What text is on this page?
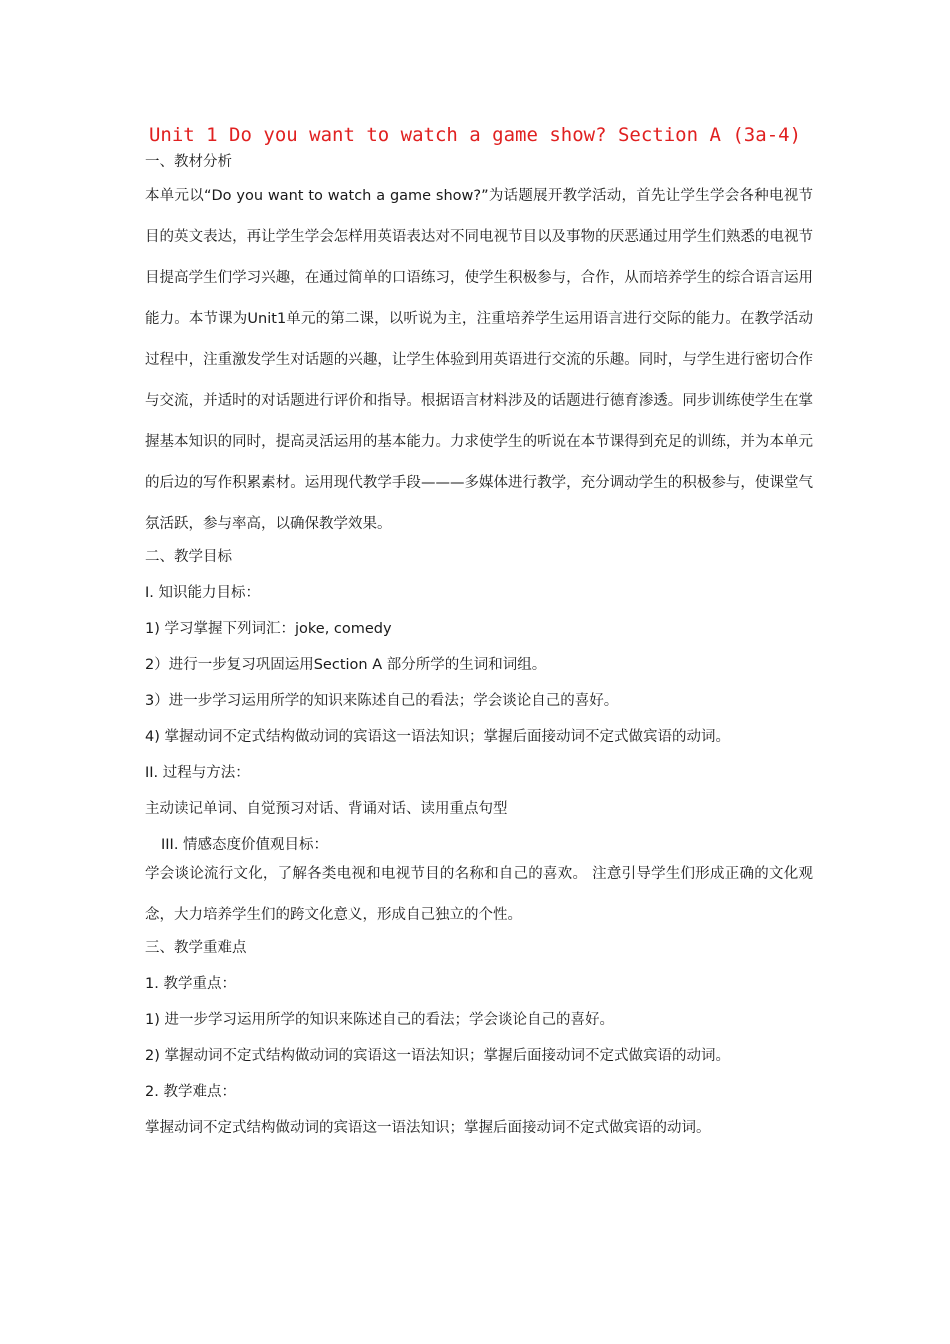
Unit 1 Do you want to watch a game show? Section A (3a-4)
一、教材分析
本单元以“Do you want to watch a game show?”为话题展开教学活动，首先让学生学会各种电视节目的英文表达，再让学生学会怎样用英语表达对不同电视节目以及事物的厌恶通过用学生们熟悉的电视节目提高学生们学习兴趣，在通过简单的口语练习，使学生积极参与，合作，从而培养学生的综合语言运用能力。本节课为Unit1单元的第二课，以听说为主，注重培养学生运用语言进行交际的能力。在教学活动过程中，注重激发学生对话题的兴趣，让学生体验到用英语进行交流的乐趣。同时，与学生进行密切合作与交流，并适时的对话题进行评价和指导。根据语言材料涉及的话题进行德育渗透。同步训练使学生在掌握基本知识的同时，提高灵活运用的基本能力。力求使学生的听说在本节课得到充足的训练，并为本单元的后边的写作积累素材。运用现代教学手段———多媒体进行教学，充分调动学生的积极参与，使课堂气氛活跃，参与率高，以确保教学效果。
二、教学目标
I. 知识能力目标：
1) 学习掌握下列词汇：joke, comedy
2）进行一步复习巩固运用Section A 部分所学的生词和词组。
3）进一步学习运用所学的知识来陈述自己的看法；学会谈论自己的喜好。
4) 掌握动词不定式结构做动词的宾语这一语法知识；掌握后面接动词不定式做宾语的动词。
II. 过程与方法：
主动读记单词、自觉预习对话、背诵对话、读用重点句型
III. 情感态度价值观目标：
学会谈论流行文化，了解各类电视和电视节目的名称和自己的喜欢。 注意引导学生们形成正确的文化观念，大力培养学生们的跨文化意义，形成自己独立的个性。
三、教学重难点
1. 教学重点：
1) 进一步学习运用所学的知识来陈述自己的看法；学会谈论自己的喜好。
2) 掌握动词不定式结构做动词的宾语这一语法知识；掌握后面接动词不定式做宾语的动词。
2. 教学难点：
掌握动词不定式结构做动词的宾语这一语法知识；掌握后面接动词不定式做宾语的动词。
